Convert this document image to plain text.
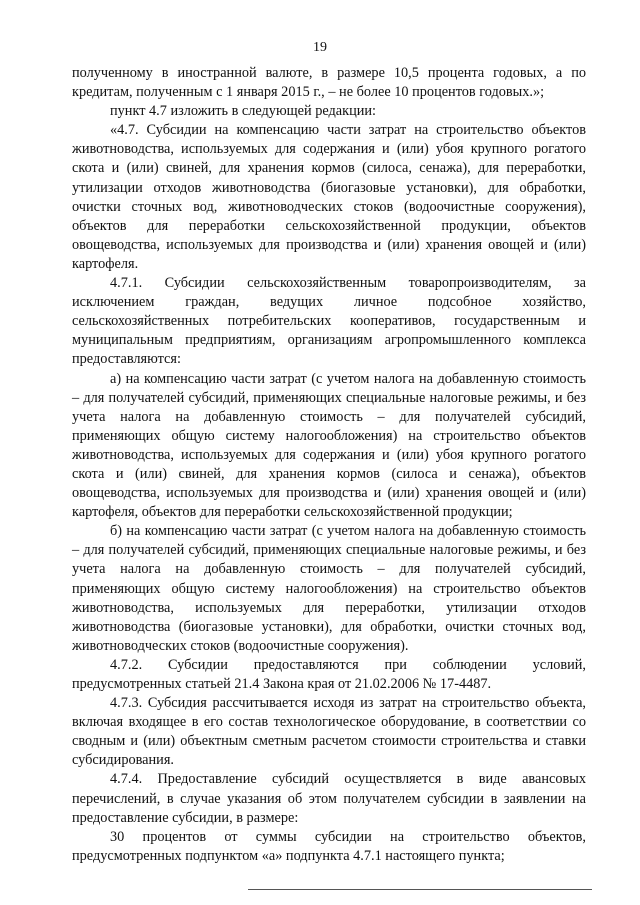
19

полученному в иностранной валюте, в размере 10,5 процента годовых, а по кредитам, полученным с 1 января 2015 г., – не более 10 процентов годовых.»;

пункт 4.7 изложить в следующей редакции:

«4.7. Субсидии на компенсацию части затрат на строительство объектов животноводства, используемых для содержания и (или) убоя крупного рогатого скота и (или) свиней, для хранения кормов (силоса, сенажа), для переработки, утилизации отходов животноводства (биогазовые установки), для обработки, очистки сточных вод, животноводческих стоков (водоочистные сооружения), объектов для переработки сельскохозяйственной продукции, объектов овощеводства, используемых для производства и (или) хранения овощей и (или) картофеля.

4.7.1. Субсидии сельскохозяйственным товаропроизводителям, за исключением граждан, ведущих личное подсобное хозяйство, сельскохозяйственных потребительских кооперативов, государственным и муниципальным предприятиям, организациям агропромышленного комплекса предоставляются:

а) на компенсацию части затрат (с учетом налога на добавленную стоимость – для получателей субсидий, применяющих специальные налоговые режимы, и без учета налога на добавленную стоимость – для получателей субсидий, применяющих общую систему налогообложения) на строительство объектов животноводства, используемых для содержания и (или) убоя крупного рогатого скота и (или) свиней, для хранения кормов (силоса и сенажа), объектов овощеводства, используемых для производства и (или) хранения овощей и (или) картофеля, объектов для переработки сельскохозяйственной продукции;

б) на компенсацию части затрат (с учетом налога на добавленную стоимость – для получателей субсидий, применяющих специальные налоговые режимы, и без учета налога на добавленную стоимость – для получателей субсидий, применяющих общую систему налогообложения) на строительство объектов животноводства, используемых для переработки, утилизации отходов животноводства (биогазовые установки), для обработки, очистки сточных вод, животноводческих стоков (водоочистные сооружения).

4.7.2. Субсидии предоставляются при соблюдении условий, предусмотренных статьей 21.4 Закона края от 21.02.2006 № 17-4487.

4.7.3. Субсидия рассчитывается исходя из затрат на строительство объекта, включая входящее в его состав технологическое оборудование, в соответствии со сводным и (или) объектным сметным расчетом стоимости строительства и ставки субсидирования.

4.7.4. Предоставление субсидий осуществляется в виде авансовых перечислений, в случае указания об этом получателем субсидии в заявлении на предоставление субсидии, в размере:

30 процентов от суммы субсидии на строительство объектов, предусмотренных подпунктом «а» подпункта 4.7.1 настоящего пункта;
